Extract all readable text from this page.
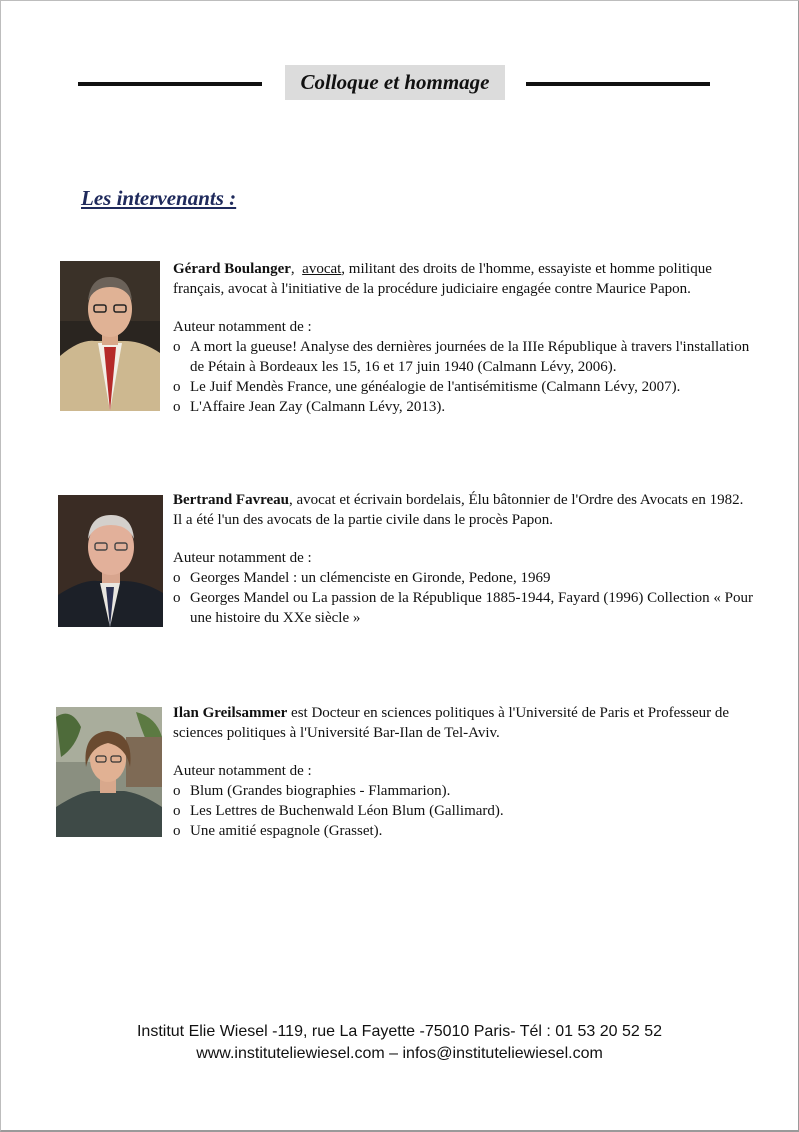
Colloque et hommage
Les intervenants :

Gérard Boulanger, avocat, militant des droits de l'homme, essayiste et homme politique français, avocat à l'initiative de la procédure judiciaire engagée contre Maurice Papon.

Auteur notamment de :

o A mort la gueuse! Analyse des dernières journées de la IIIe République à travers l'installation de Pétain à Bordeaux les 15, 16 et 17 juin 1940 (Calmann Lévy, 2006).
o Le Juif Mendès France, une généalogie de l'antisémitisme (Calmann Lévy, 2007).
o L'Affaire Jean Zay (Calmann Lévy, 2013).

Bertrand Favreau, avocat et écrivain bordelais, Élu bâtonnier de l'Ordre des Avocats en 1982. Il a été l'un des avocats de la partie civile dans le procès Papon.

Auteur notamment de :

o Georges Mandel : un clémenciste en Gironde, Pedone, 1969
o Georges Mandel ou La passion de la République 1885-1944, Fayard (1996) Collection « Pour une histoire du XXe siècle »

Ilan Greilsammer est Docteur en sciences politiques à l'Université de Paris et Professeur de sciences politiques à l'Université Bar-Ilan de Tel-Aviv.

Auteur notamment de :

o Blum (Grandes biographies - Flammarion).
o Les Lettres de Buchenwald Léon Blum (Gallimard).
o Une amitié espagnole (Grasset).
Institut Elie Wiesel -119, rue La Fayette -75010 Paris- Tél : 01 53 20 52 52
www.instituteliewiesel.com – infos@instituteliewiesel.com
